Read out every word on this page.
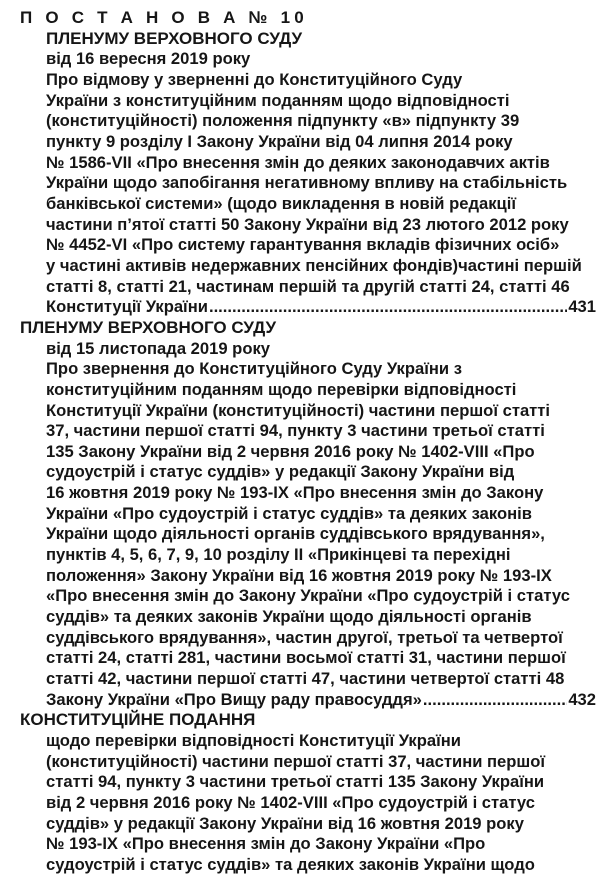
П О С Т А Н О В А № 10
ПЛЕНУМУ ВЕРХОВНОГО СУДУ
від 16 вересня 2019 року
Про відмову у зверненні до Конституційного Суду
України з конституційним поданням щодо відповідності
(конституційності) положення підпункту «в» підпункту 39
пункту 9 розділу І Закону України від 04 липня 2014 року
№ 1586-VІІ «Про внесення змін до деяких законодавчих актів
України щодо запобігання негативному впливу на стабільність
банківської системи» (щодо викладення в новій редакції
частини п’ятої статті 50 Закону України від 23 лютого 2012 року
№ 4452-VI «Про систему гарантування вкладів фізичних осіб»
у частині активів недержавних пенсійних фондів)частині першій
статті 8, статті 21, частинам першій та другій статті 24, статті 46
Конституції України .....	431
ПЛЕНУМУ ВЕРХОВНОГО СУДУ
від 15 листопада 2019 року
Про звернення до Конституційного Суду України з
конституційним поданням щодо перевірки відповідності
Конституції України (конституційності) частини першої статті
37, частини першої статті 94, пункту 3 частини третьої статті
135 Закону України від 2 червня 2016 року № 1402-VIII «Про
судоустрій і статус суддів» у редакції Закону України від
16 жовтня 2019 року № 193-IX «Про внесення змін до Закону
України «Про судоустрій і статус суддів» та деяких законів
України щодо діяльності органів суддівського врядування»,
пунктів 4, 5, 6, 7, 9, 10 розділу II «Прикінцеві та перехідні
положення» Закону України від 16 жовтня 2019 року № 193-IX
«Про внесення змін до Закону України «Про судоустрій і статус
суддів» та деяких законів України щодо діяльності органів
суддівського врядування», частин другої, третьої та четвертої
статті 24, статті 281, частини восьмої статті 31, частини першої
статті 42, частини першої статті 47, частини четвертої статті 48
Закону України «Про Вищу раду правосуддя» .....	432
КОНСТИТУЦІЙНЕ ПОДАННЯ
щодо перевірки відповідності Конституції України
(конституційності) частини першої статті 37, частини першої
статті 94, пункту 3 частини третьої статті 135 Закону України
від 2 червня 2016 року № 1402-VIII «Про судоустрій і статус
суддів» у редакції Закону України від 16 жовтня 2019 року
№ 193-IX «Про внесення змін до Закону України «Про
судоустрій і статус суддів» та деяких законів України щодо
